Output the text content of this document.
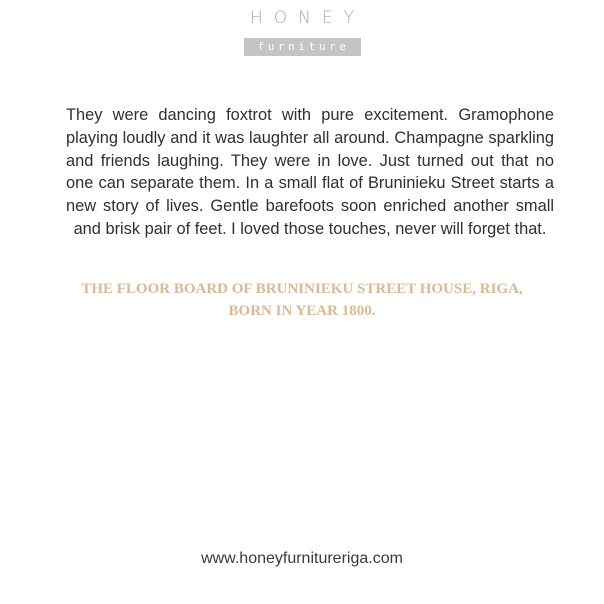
HONEY
furniture

They were dancing foxtrot with pure excitement. Gramophone playing loudly and it was laughter all around. Champagne sparkling and friends laughing. They were in love. Just turned out that no one can separate them. In a small flat of Bruninieku Street starts a new story of lives. Gentle barefoots soon enriched another small and brisk pair of feet. I loved those touches, never will forget that.

THE FLOOR BOARD OF BRUNINIEKU STREET HOUSE, RIGA,
BORN IN YEAR 1800.
www.honeyfurnitureriga.com
